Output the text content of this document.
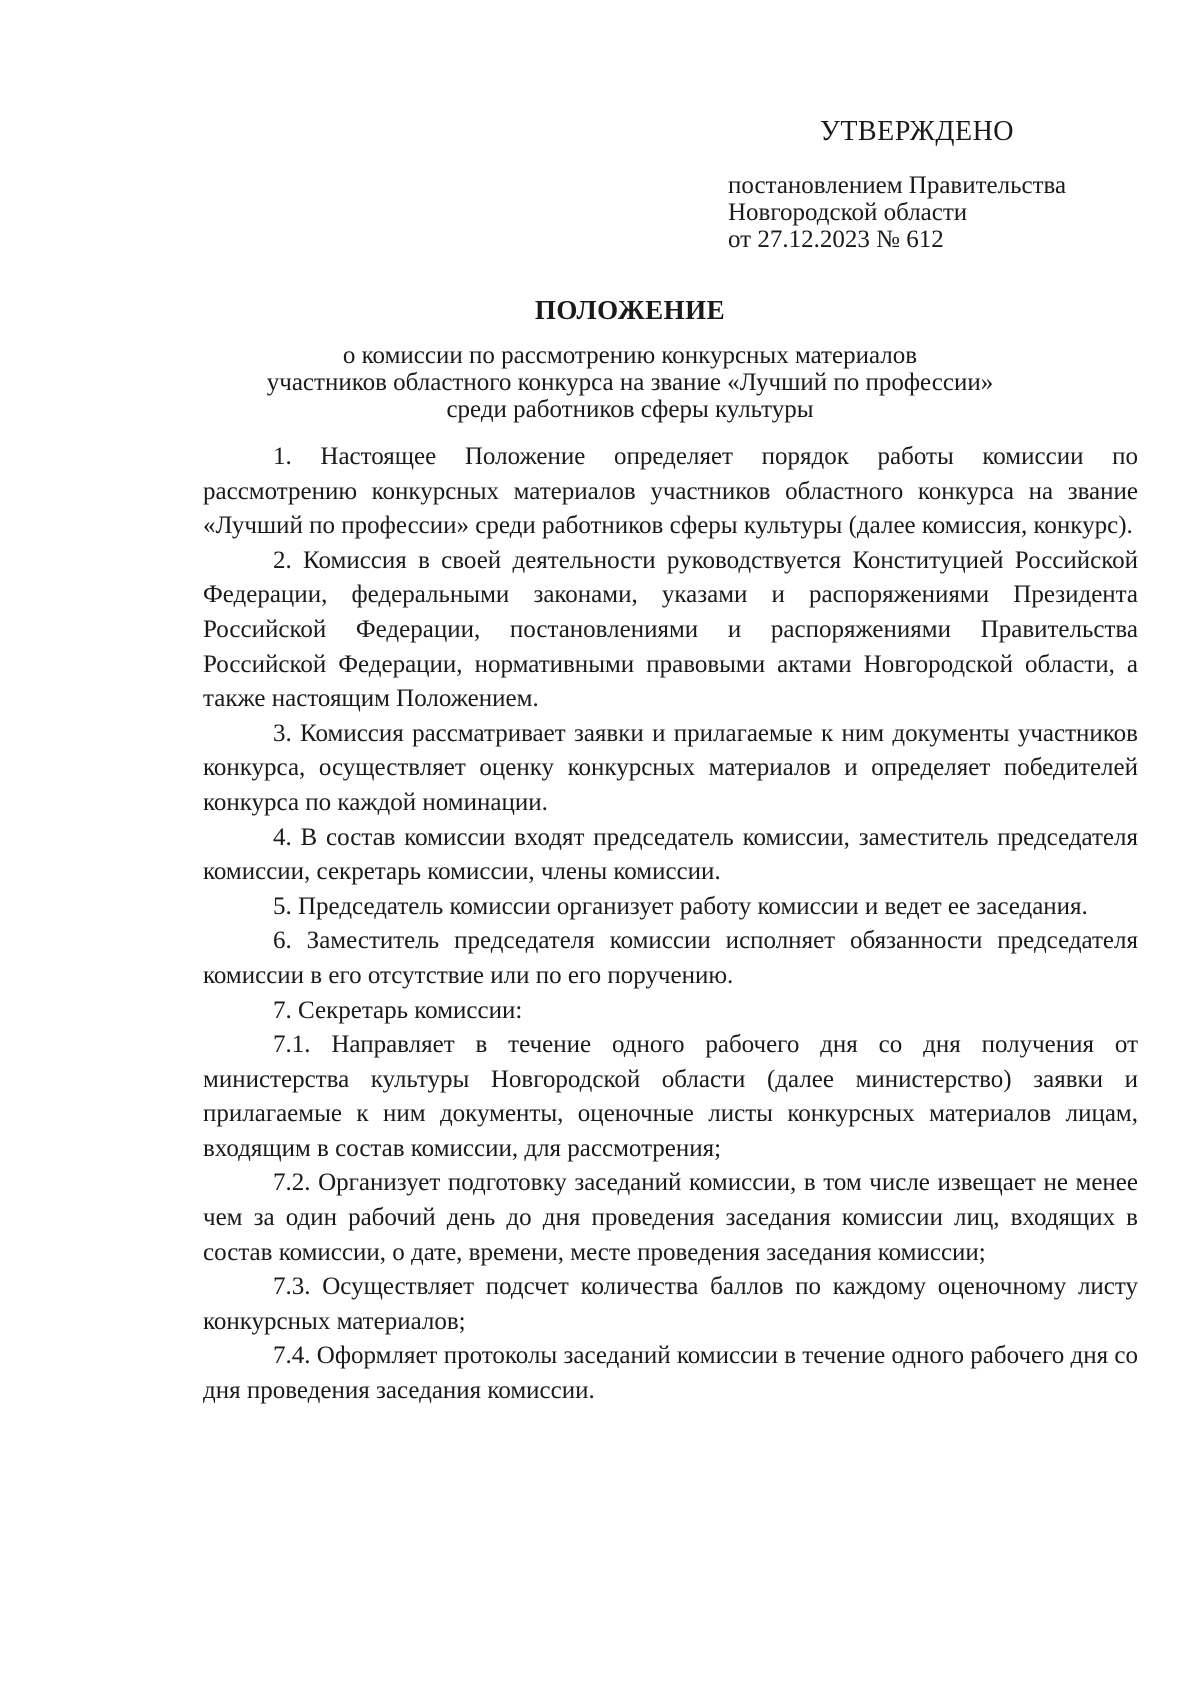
УТВЕРЖДЕНО
постановлением Правительства
Новгородской области
от 27.12.2023 № 612
ПОЛОЖЕНИЕ
о комиссии по рассмотрению конкурсных материалов
участников областного конкурса на звание «Лучший по профессии»
среди работников сферы культуры

1. Настоящее Положение определяет порядок работы комиссии по рассмотрению конкурсных материалов участников областного конкурса на звание «Лучший по профессии» среди работников сферы культуры (далее комиссия, конкурс).

2. Комиссия в своей деятельности руководствуется Конституцией Российской Федерации, федеральными законами, указами и распоряжениями Президента Российской Федерации, постановлениями и распоряжениями Правительства Российской Федерации, нормативными правовыми актами Новгородской области, а также настоящим Положением.

3. Комиссия рассматривает заявки и прилагаемые к ним документы участников конкурса, осуществляет оценку конкурсных материалов и определяет победителей конкурса по каждой номинации.

4. В состав комиссии входят председатель комиссии, заместитель председателя комиссии, секретарь комиссии, члены комиссии.

5. Председатель комиссии организует работу комиссии и ведет ее заседания.

6. Заместитель председателя комиссии исполняет обязанности председателя комиссии в его отсутствие или по его поручению.

7. Секретарь комиссии:

7.1. Направляет в течение одного рабочего дня со дня получения от министерства культуры Новгородской области (далее министерство) заявки и прилагаемые к ним документы, оценочные листы конкурсных материалов лицам, входящим в состав комиссии, для рассмотрения;

7.2. Организует подготовку заседаний комиссии, в том числе извещает не менее чем за один рабочий день до дня проведения заседания комиссии лиц, входящих в состав комиссии, о дате, времени, месте проведения заседания комиссии;

7.3. Осуществляет подсчет количества баллов по каждому оценочному листу конкурсных материалов;

7.4. Оформляет протоколы заседаний комиссии в течение одного рабочего дня со дня проведения заседания комиссии.
